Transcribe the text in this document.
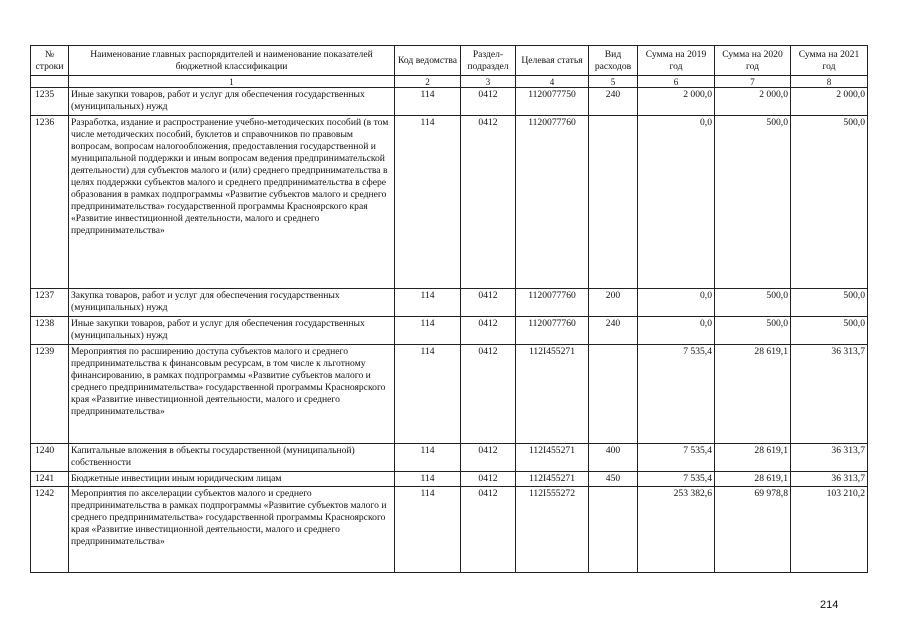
№ строки	Наименование главных распорядителей и наименование показателей бюджетной классификации	Код ведомства	Раздел-подраздел	Целевая статья	Вид расходов	Сумма на 2019 год	Сумма на 2020 год	Сумма на 2021 год
	1	2	3	4	5	6	7	8
1235	Иные закупки товаров, работ и услуг для обеспечения государственных (муниципальных) нужд	114	0412	1120077750	240	2 000,0	2 000,0	2 000,0
1236	Разработка, издание и распространение учебно-методических пособий (в том числе методических пособий, буклетов и справочников по правовым вопросам, вопросам налогообложения, предоставления государственной и муниципальной поддержки и иным вопросам ведения предпринимательской деятельности) для субъектов малого и (или) среднего предпринимательства в целях поддержки субъектов малого и среднего предпринимательства в сфере образования в рамках подпрограммы «Развитие субъектов малого и среднего предпринимательства» государственной программы Красноярского края «Развитие инвестиционной деятельности, малого и среднего предпринимательства»	114	0412	1120077760		0,0	500,0	500,0
1237	Закупка товаров, работ и услуг для обеспечения государственных (муниципальных) нужд	114	0412	1120077760	200	0,0	500,0	500,0
1238	Иные закупки товаров, работ и услуг для обеспечения государственных (муниципальных) нужд	114	0412	1120077760	240	0,0	500,0	500,0
1239	Мероприятия по расширению доступа субъектов малого и среднего предпринимательства к финансовым ресурсам, в том числе к льготному финансированию, в рамках подпрограммы «Развитие субъектов малого и среднего предпринимательства» государственной программы Красноярского края «Развитие инвестиционной деятельности, малого и среднего предпринимательства»	114	0412	112I455271		7 535,4	28 619,1	36 313,7
1240	Капитальные вложения в объекты государственной (муниципальной) собственности	114	0412	112I455271	400	7 535,4	28 619,1	36 313,7
1241	Бюджетные инвестиции иным юридическим лицам	114	0412	112I455271	450	7 535,4	28 619,1	36 313,7
1242	Мероприятия по акселерации субъектов малого и среднего предпринимательства в рамках подпрограммы «Развитие субъектов малого и среднего предпринимательства» государственной программы Красноярского края «Развитие инвестиционной деятельности, малого и среднего предпринимательства»	114	0412	112I555272		253 382,6	69 978,8	103 210,2
214
